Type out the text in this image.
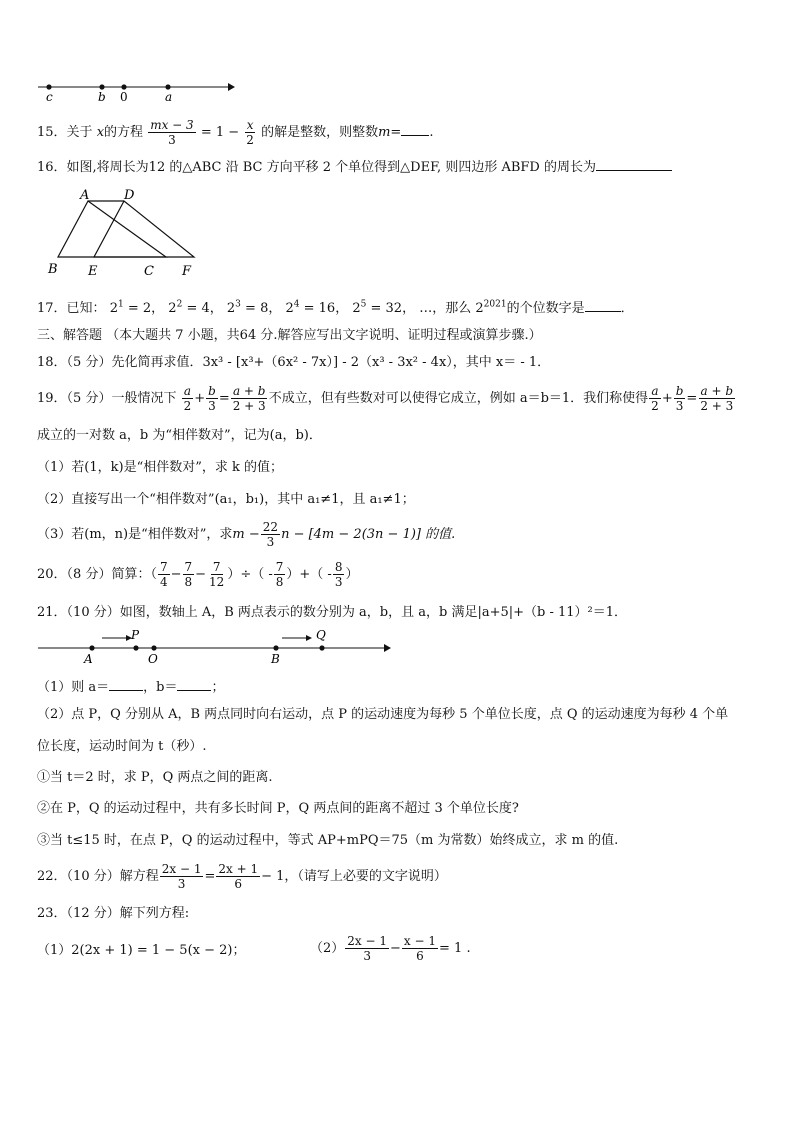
c	b 0	a
15．关于 x的方程 $\frac{mx - 3}{3} = 1 - \frac{x}{2}$ 的解是整数，则整数m= .
16．如图,将周长为12 的△ABC 沿 BC 方向平移 2 个单位得到△DEF, 则四边形 ABFD 的周长为
A	D
B E	C F
17．已知： $2^1 = 2$， $2^2 = 4$， $2^3 = 8$， $2^4 = 16$， $2^5 = 32$， …，那么 $2^{2021}$的个位数字是	．
三、解答题 （本大题共 7 小题，共64 分.解答应写出文字说明、证明过程或演算步骤.）
18．（5 分）先化简再求值．3x³ - [x³+（6x² - 7x）] - 2（x³ - 3x² - 4x），其中 x＝ - 1．
19．（5 分）一般情况下 $\frac{a}{2} + \frac{b}{3} = \frac{a + b}{2 + 3}$ 不成立，但有些数对可以使得它成立，例如 a＝b＝1．我们称使得 $\frac{a}{2} + \frac{b}{3} = \frac{a + b}{2 + 3}$
成立的一对数 a，b 为“相伴数对”，记为(a，b)．
（1）若(1，k)是“相伴数对”，求 k 的值；
（2）直接写出一个“相伴数对”(a₁，b₁)，其中 a₁≠1，且 a₁≠1；
（3）若(m，n)是“相伴数对”，求$m - \frac{22}{3}$ n − [4m − 2(3n − 1)] 的值.
20．（8 分）简算：（ $\frac{7}{4} - \frac{7}{8} - \frac{7}{12}$ ）÷（ - $\frac{7}{8}$ ）+（ - $\frac{8}{3}$ ）
21．（10 分）如图，数轴上 A，B 两点表示的数分别为 a，b，且 a，b 满足|a+5|+（b - 11）²＝1．
A
P
O	B
Q
（1）则 a＝	，b＝	；
（2）点 P，Q 分别从 A，B 两点同时向右运动，点 P 的运动速度为每秒 5 个单位长度，点 Q 的运动速度为每秒 4 个单
位长度，运动时间为 t（秒）.
①当 t＝2 时，求 P，Q 两点之间的距离.
②在 P，Q 的运动过程中，共有多长时间 P，Q 两点间的距离不超过 3 个单位长度?
③当 t≤15 时，在点 P，Q 的运动过程中，等式 AP+mPQ＝75（m 为常数）始终成立，求 m 的值.
22．（10 分）解方程 $\frac{2x - 1}{3} = \frac{2x + 1}{6} - 1$，（请写上必要的文字说明）
23．（12 分）解下列方程:
（1）2(2x + 1) = 1 − 5(x − 2)；	$(2) \frac{2x - 1}{3} - \frac{x - 1}{6} = 1$ .
